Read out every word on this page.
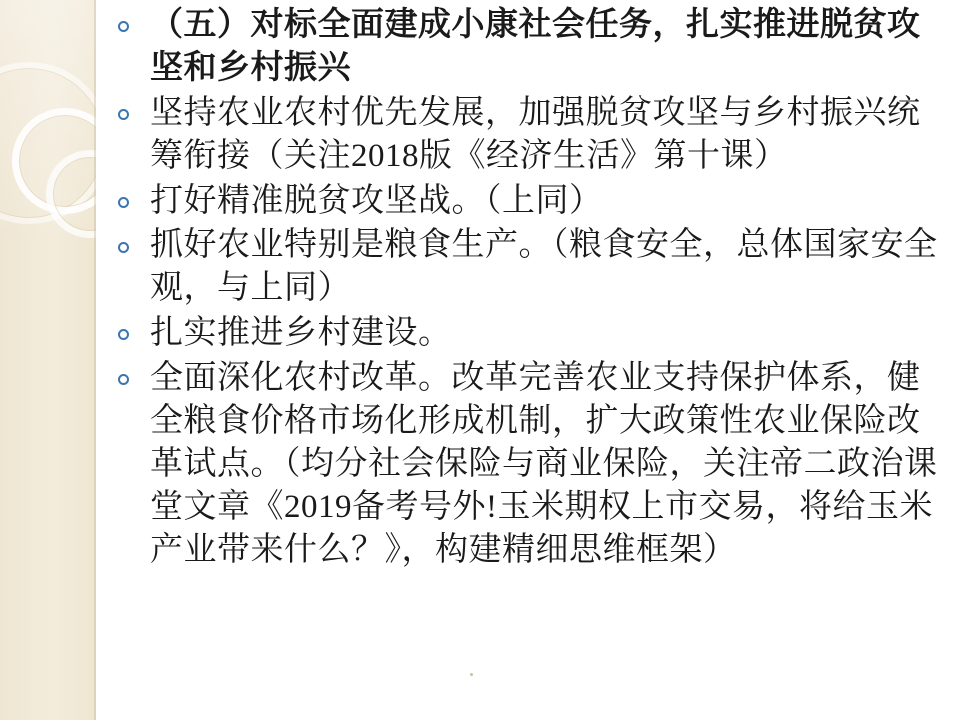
（五）对标全面建成小康社会任务，扎实推进脱贫攻坚和乡村振兴
坚持农业农村优先发展，加强脱贫攻坚与乡村振兴统筹衔接（关注2018版《经济生活》第十课）
打好精准脱贫攻坚战。（上同）
抓好农业特别是粮食生产。（粮食安全，总体国家安全观，与上同）
扎实推进乡村建设。
全面深化农村改革。改革完善农业支持保护体系，健全粮食价格市场化形成机制，扩大政策性农业保险改革试点。（均分社会保险与商业保险，关注帝二政治课堂文章《2019备考号外!玉米期权上市交易，将给玉米产业带来什么？》，构建精细思维框架）
